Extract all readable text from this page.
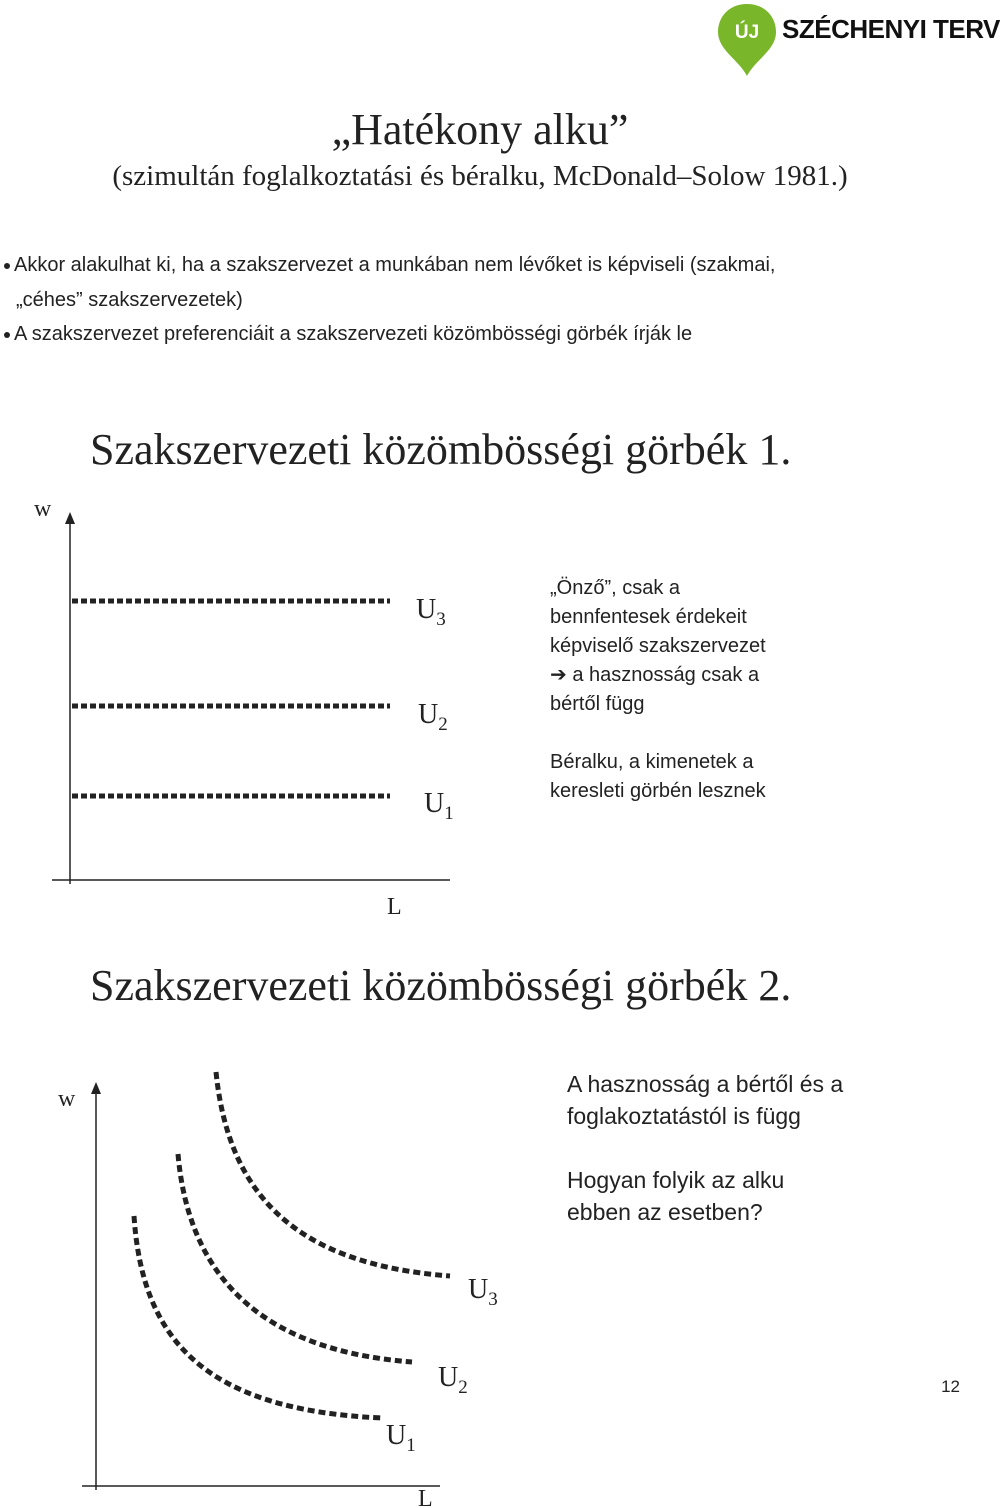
ÚJ SZÉCHENYI TERV
„Hatékony alku”
(szimultán foglalkoztatási és béralku, McDonald–Solow 1981.)
Akkor alakulhat ki, ha a szakszervezet a munkában nem lévőket is képviseli (szakmai,
„céhes” szakszervezetek)
A szakszervezet preferenciáit a szakszervezeti közömbösségi görbék írják le
Szakszervezeti közömbösségi görbék 1.
w
L
$U_3$
$U_2$
$U_1$
„Önző”, csak a
bennfentesek érdekeit
képviselő szakszervezet
➔ a hasznosság csak a
bértől függ
Béralku, a kimenetek a
keresleti görbén lesznek
Szakszervezeti közömbösségi görbék 2.
w
L
$U_3$
$U_2$
$U_1$
A hasznosság a bértől és a
foglakoztatástól is függ
Hogyan folyik az alku
ebben az esetben?
12
